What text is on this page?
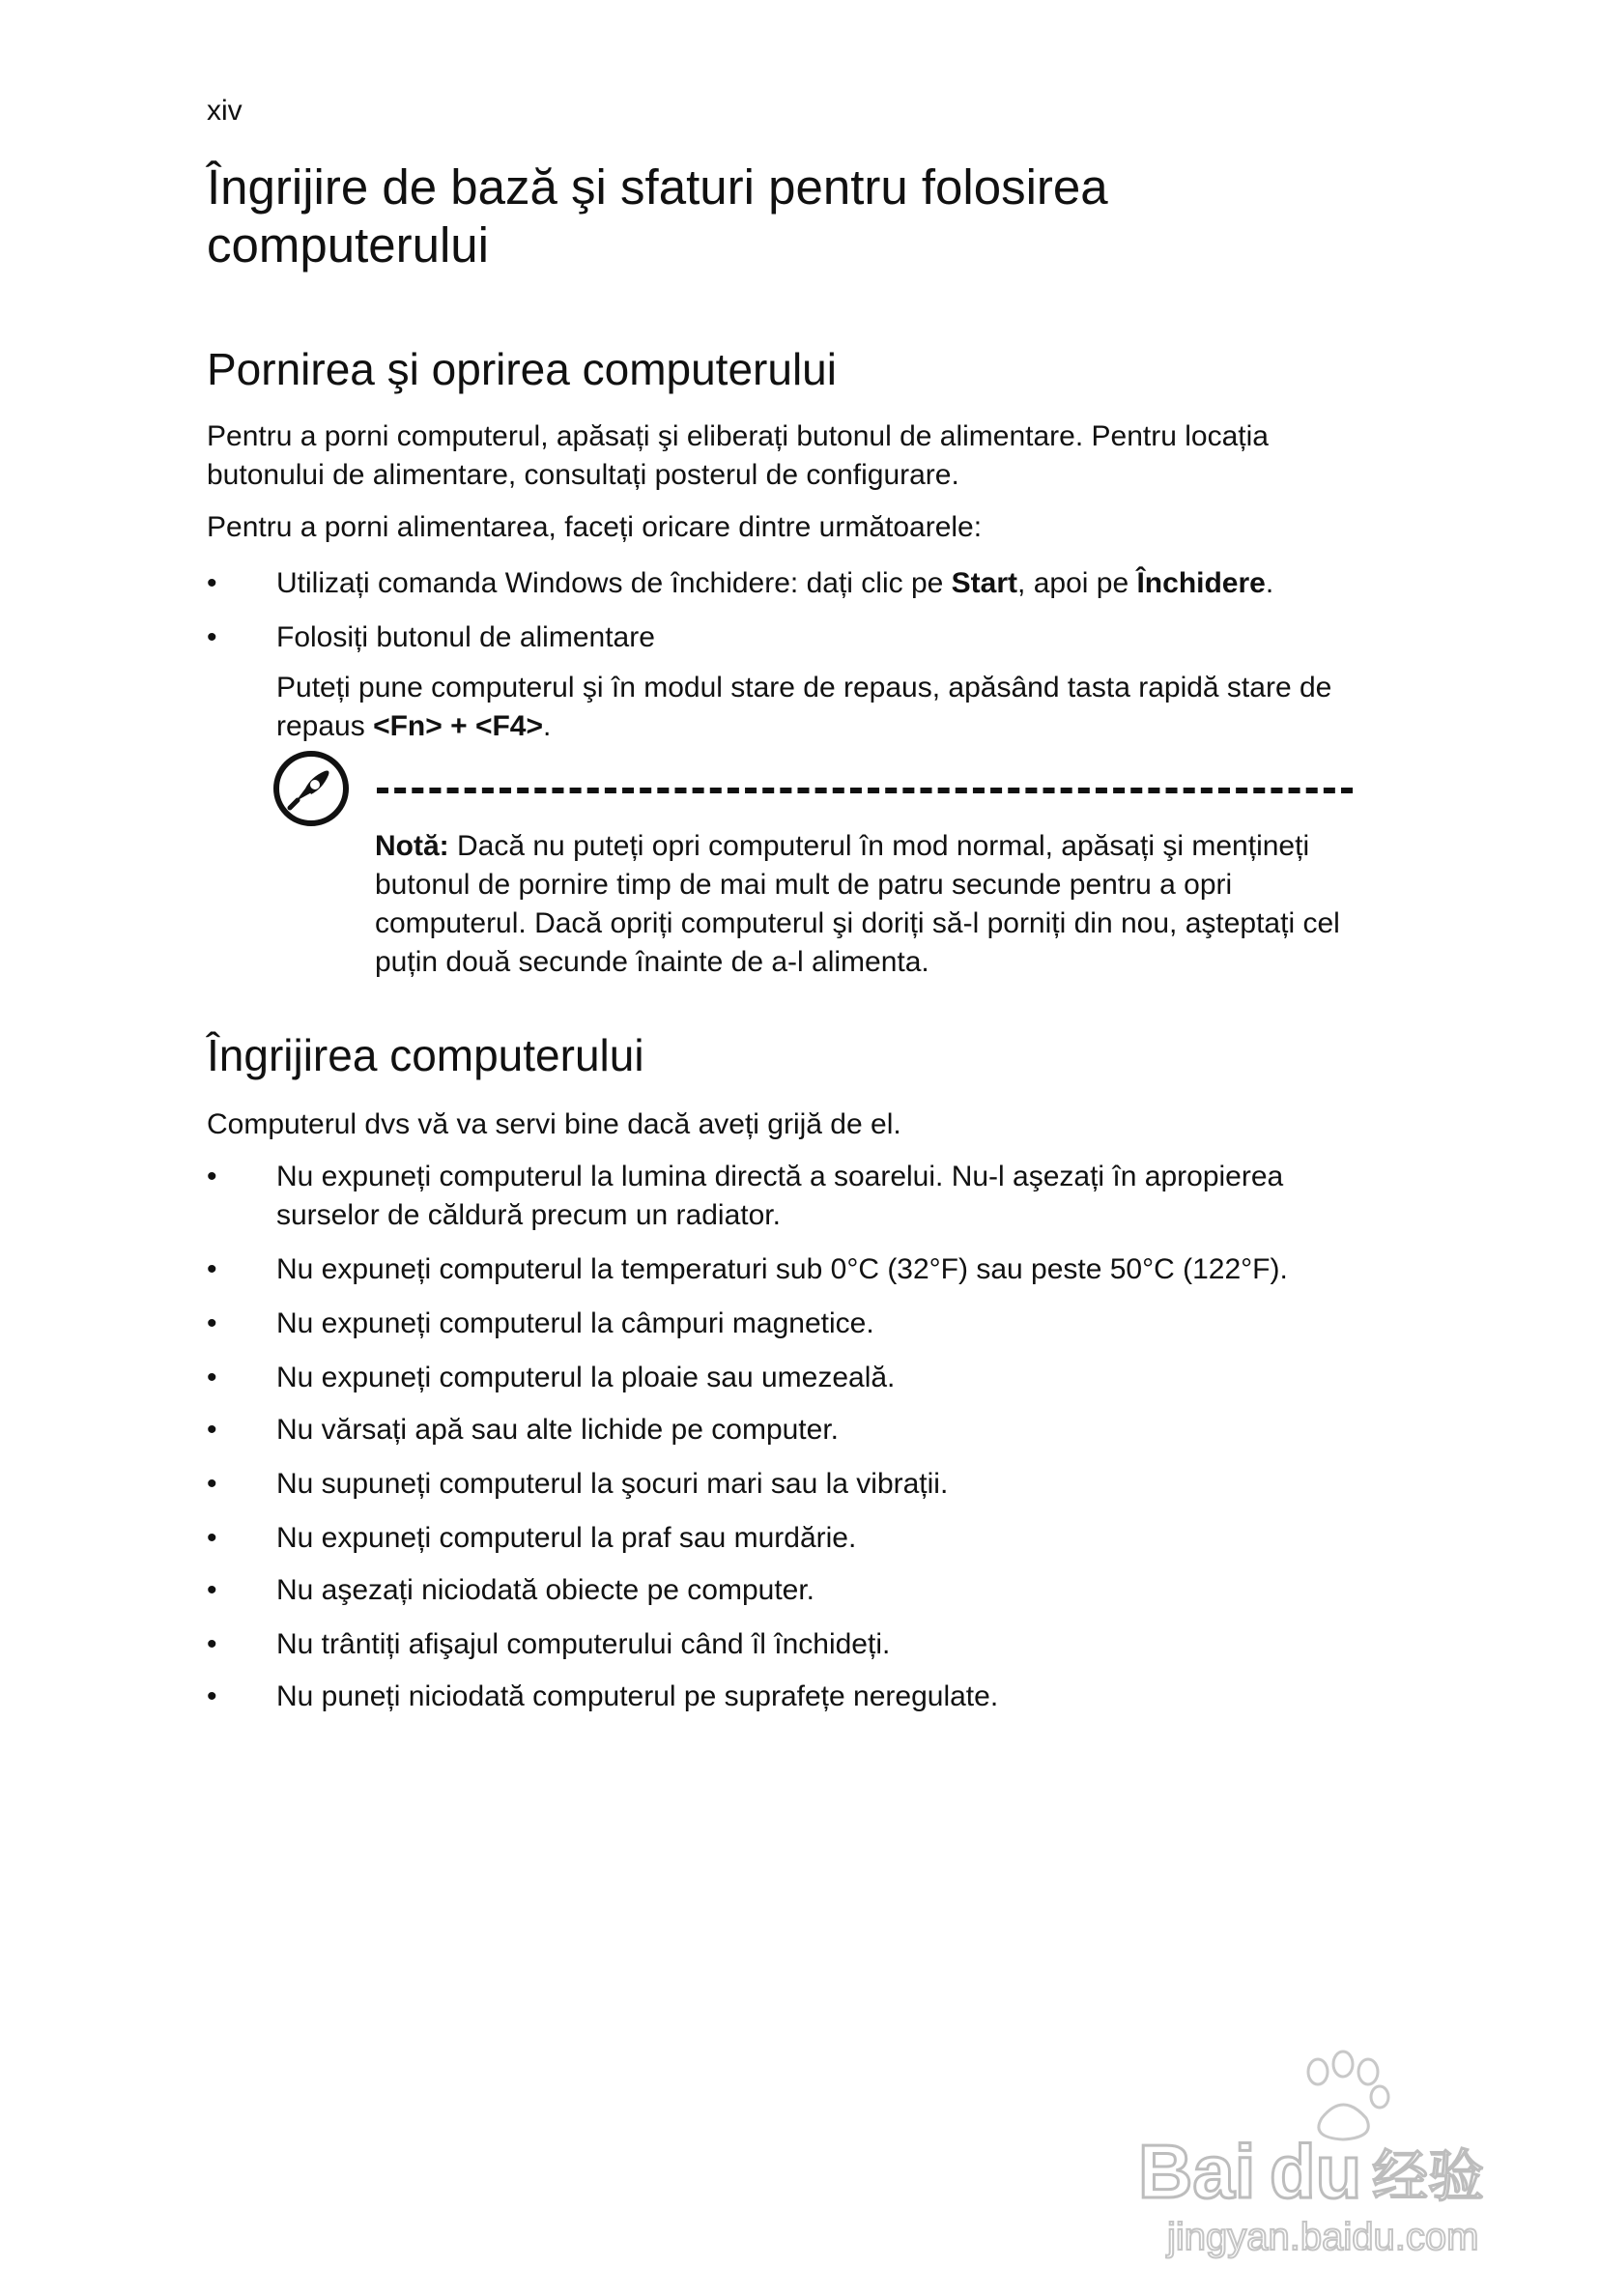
xiv
Îngrijire de bază şi sfaturi pentru folosirea computerului
Pornirea şi oprirea computerului

Pentru a porni computerul, apăsați şi eliberați butonul de alimentare. Pentru locația butonului de alimentare, consultați posterul de configurare.

Pentru a porni alimentarea, faceți oricare dintre următoarele:

•	Utilizați comanda Windows de închidere: dați clic pe Start, apoi pe Închidere.
•	Folosiți butonul de alimentare

Puteți pune computerul şi în modul stare de repaus, apăsând tasta rapidă stare de repaus <Fn> + <F4>.

Notă: Dacă nu puteți opri computerul în mod normal, apăsați şi mențineți butonul de pornire timp de mai mult de patru secunde pentru a opri computerul. Dacă opriți computerul şi doriți să-l porniți din nou, aşteptați cel puțin două secunde înainte de a-l alimenta.

Îngrijirea computerului

Computerul dvs vă va servi bine dacă aveți grijă de el.

•	Nu expuneți computerul la lumina directă a soarelui. Nu-l aşezați în apropierea surselor de căldură precum un radiator.
•	Nu expuneți computerul la temperaturi sub 0°C (32°F) sau peste 50°C (122°F).
•	Nu expuneți computerul la câmpuri magnetice.
•	Nu expuneți computerul la ploaie sau umezeală.
•	Nu vărsați apă sau alte lichide pe computer.
•	Nu supuneți computerul la şocuri mari sau la vibrații.
•	Nu expuneți computerul la praf sau murdărie.
•	Nu aşezați niciodată obiecte pe computer.
•	Nu trântiți afişajul computerului când îl închideți.
•	Nu puneți niciodată computerul pe suprafețe neregulate.
Bai du 经验
jingyan.baidu.com
